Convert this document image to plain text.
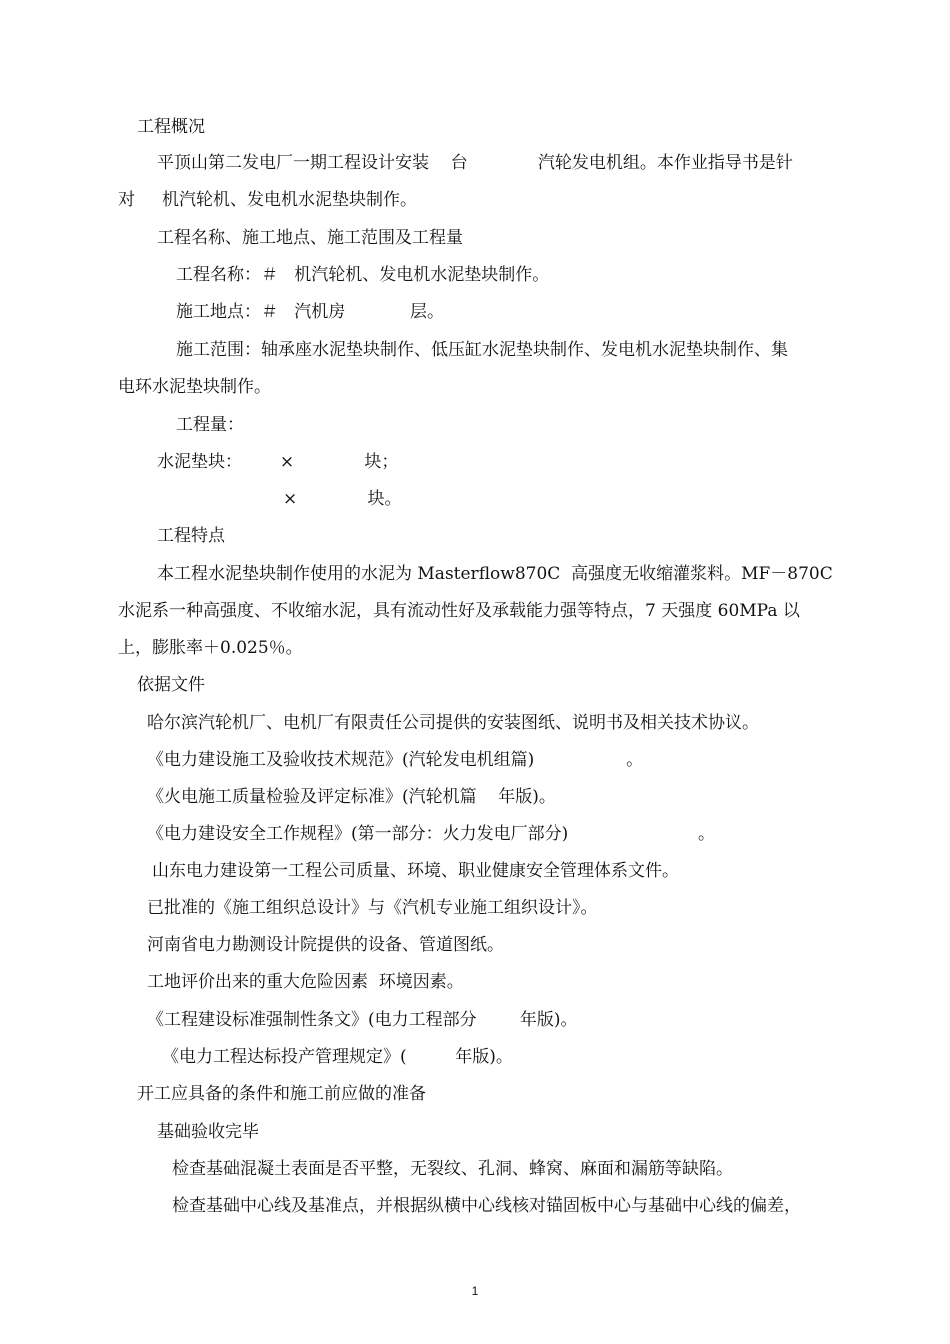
工程概况
平顶山第二发电厂一期工程设计安装    台             汽轮发电机组。本作业指导书是针
对     机汽轮机、发电机水泥垫块制作。
工程名称、施工地点、施工范围及工程量
工程名称：＃   机汽轮机、发电机水泥垫块制作。
施工地点：＃   汽机房            层。
施工范围：轴承座水泥垫块制作、低压缸水泥垫块制作、发电机水泥垫块制作、集
电环水泥垫块制作。
工程量：
水泥垫块：       ×             块；
×             块。
工程特点
本工程水泥垫块制作使用的水泥为 Masterflow870C  高强度无收缩灌浆料。MF－870C
水泥系一种高强度、不收缩水泥，具有流动性好及承载能力强等特点，7 天强度 60MPa 以
上，膨胀率＋0.025％。
依据文件
哈尔滨汽轮机厂、电机厂有限责任公司提供的安装图纸、说明书及相关技术协议。
《电力建设施工及验收技术规范》(汽轮发电机组篇)                 。
《火电施工质量检验及评定标准》(汽轮机篇    年版)。
《电力建设安全工作规程》(第一部分：火力发电厂部分)                        。
山东电力建设第一工程公司质量、环境、职业健康安全管理体系文件。
已批准的《施工组织总设计》与《汽机专业施工组织设计》。
河南省电力勘测设计院提供的设备、管道图纸。
工地评价出来的重大危险因素  环境因素。
《工程建设标准强制性条文》(电力工程部分        年版)。
《电力工程达标投产管理规定》(         年版)。
开工应具备的条件和施工前应做的准备
基础验收完毕
检查基础混凝土表面是否平整，无裂纹、孔洞、蜂窝、麻面和漏筋等缺陷。
检查基础中心线及基准点，并根据纵横中心线核对锚固板中心与基础中心线的偏差，
1
